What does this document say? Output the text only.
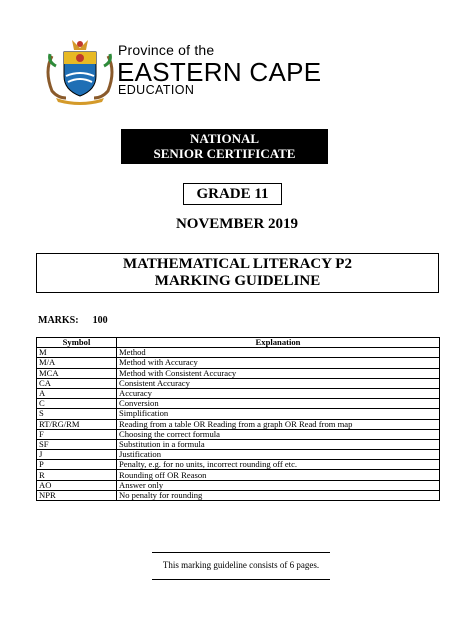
Province of the
EASTERN CAPE
EDUCATION
NATIONAL
SENIOR CERTIFICATE
GRADE 11
NOVEMBER 2019
MATHEMATICAL LITERACY P2
MARKING GUIDELINE
MARKS: 100
Symbol	Explanation
M	Method
M/A	Method with Accuracy
MCA	Method with Consistent Accuracy
CA	Consistent Accuracy
A	Accuracy
C	Conversion
S	Simplification
RT/RG/RM	Reading from a table OR Reading from a graph OR Read from map
F	Choosing the correct formula
SF	Substitution in a formula
J	Justification
P	Penalty, e.g. for no units, incorrect rounding off etc.
R	Rounding off OR Reason
AO	Answer only
NPR	No penalty for rounding
This marking guideline consists of 6 pages.
